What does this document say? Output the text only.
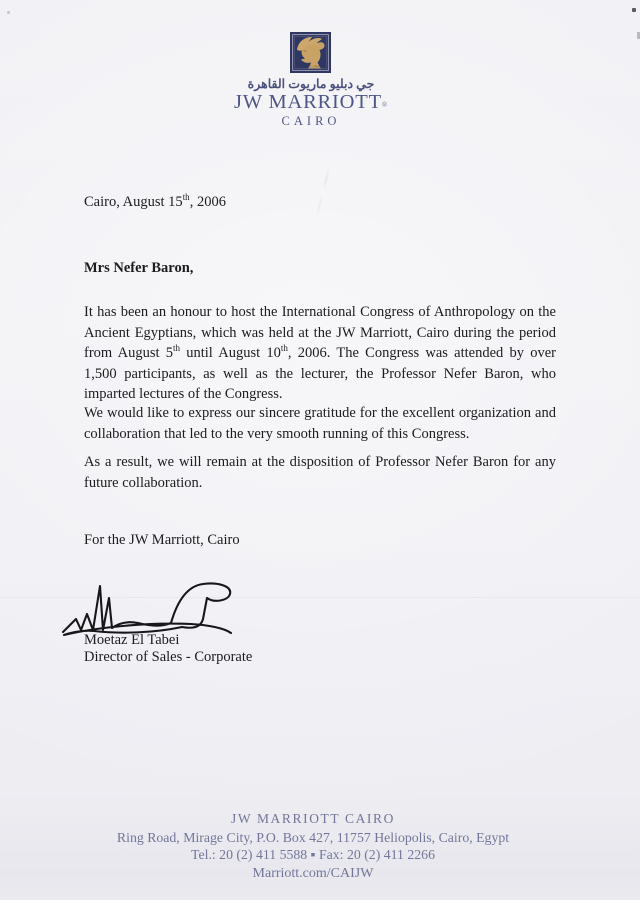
جي دبليو ماريوت القاهرة
JW MARRIOTT®
CAIRO
Cairo, August 15th, 2006
Mrs Nefer Baron,

It has been an honour to host the International Congress of Anthropology on the Ancient Egyptians, which was held at the JW Marriott, Cairo during the period from August 5th until August 10th, 2006. The Congress was attended by over 1,500 participants, as well as the lecturer, the Professor Nefer Baron, who imparted lectures of the Congress.

We would like to express our sincere gratitude for the excellent organization and collaboration that led to the very smooth running of this Congress.

As a result, we will remain at the disposition of Professor Nefer Baron for any future collaboration.

For the JW Marriott, Cairo
Moetaz El Tabei
Director of Sales - Corporate
JW MARRIOTT CAIRO
Ring Road, Mirage City, P.O. Box 427, 11757 Heliopolis, Cairo, Egypt
Tel.: 20 (2) 411 5588 ▪ Fax: 20 (2) 411 2266
Marriott.com/CAIJW
